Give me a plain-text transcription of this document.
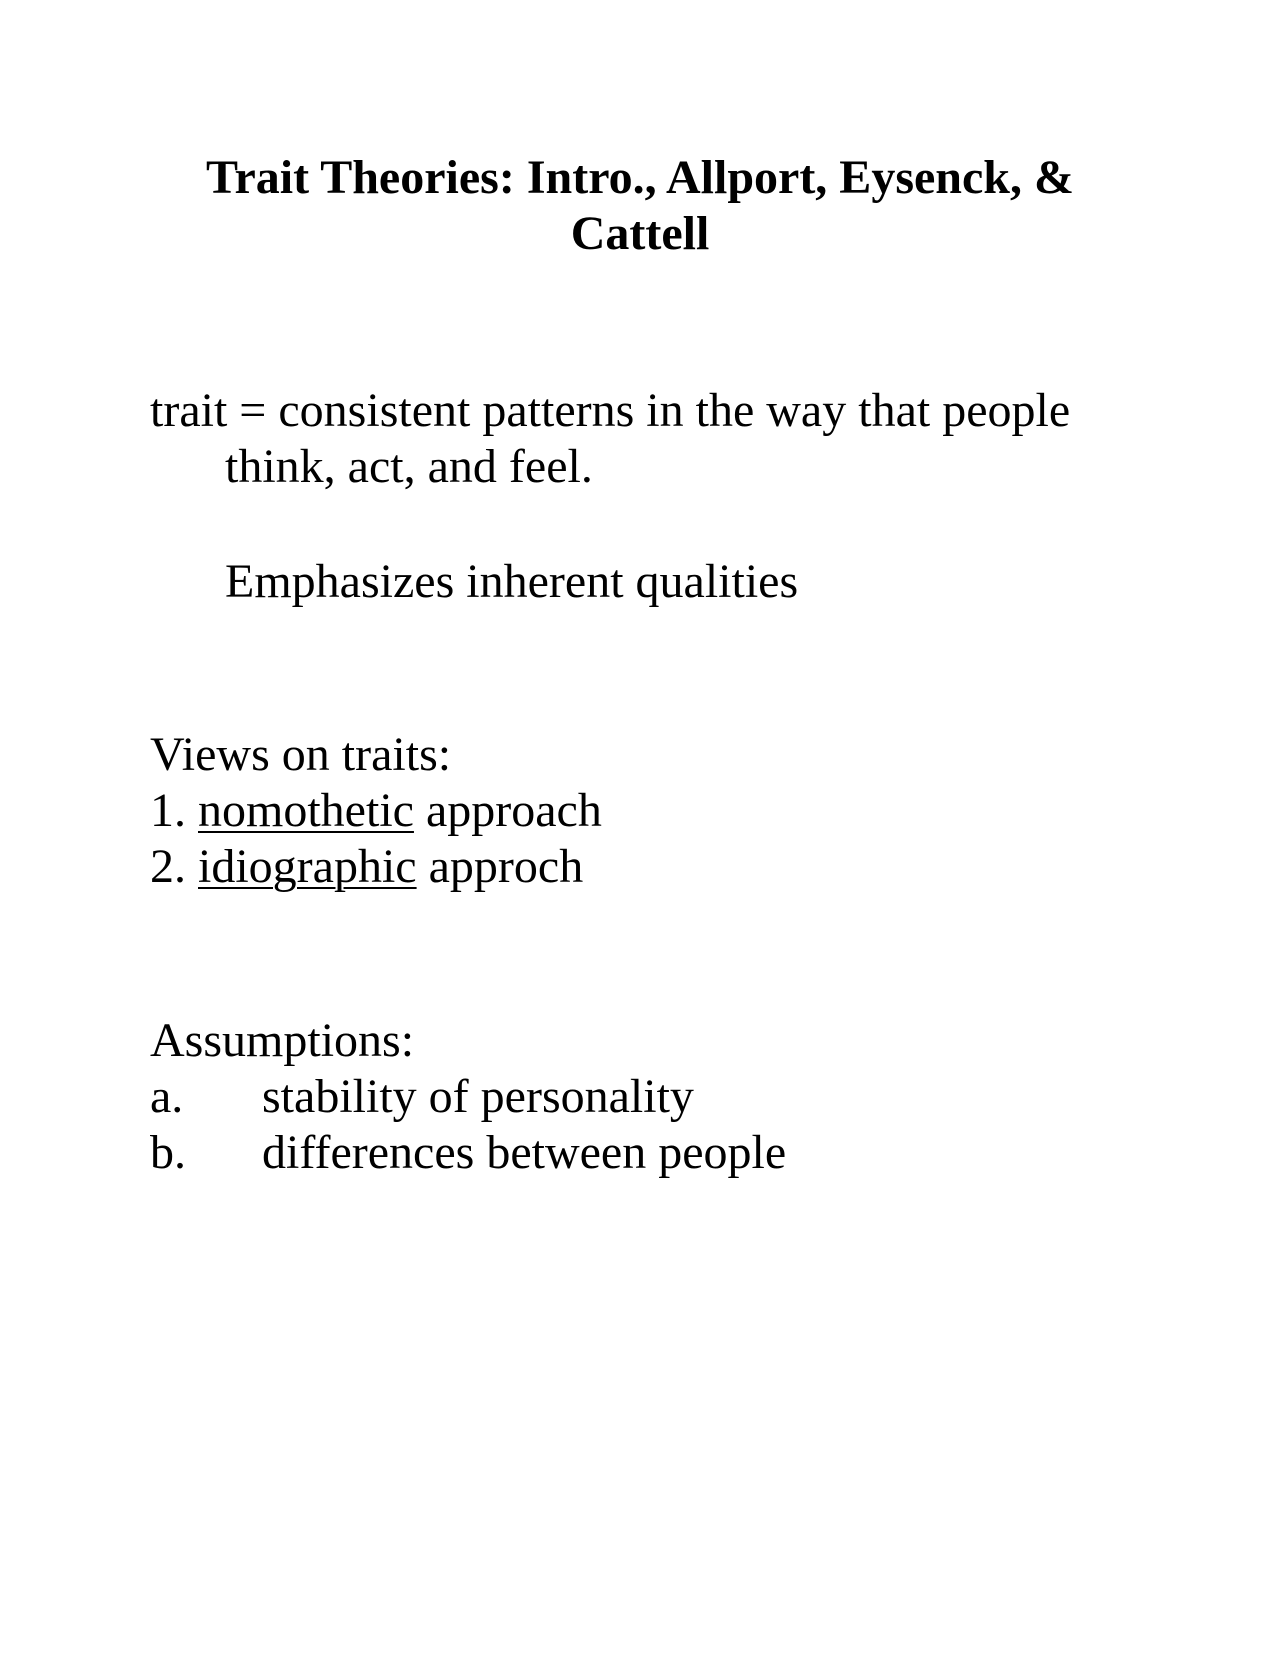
Trait Theories: Intro., Allport, Eysenck, &
Cattell
trait = consistent patterns in the way that people
think, act, and feel.
Emphasizes inherent qualities
Views on traits:
1. nomothetic approach
2. idiographic approch
Assumptions:
a. stability of personality
b. differences between people
